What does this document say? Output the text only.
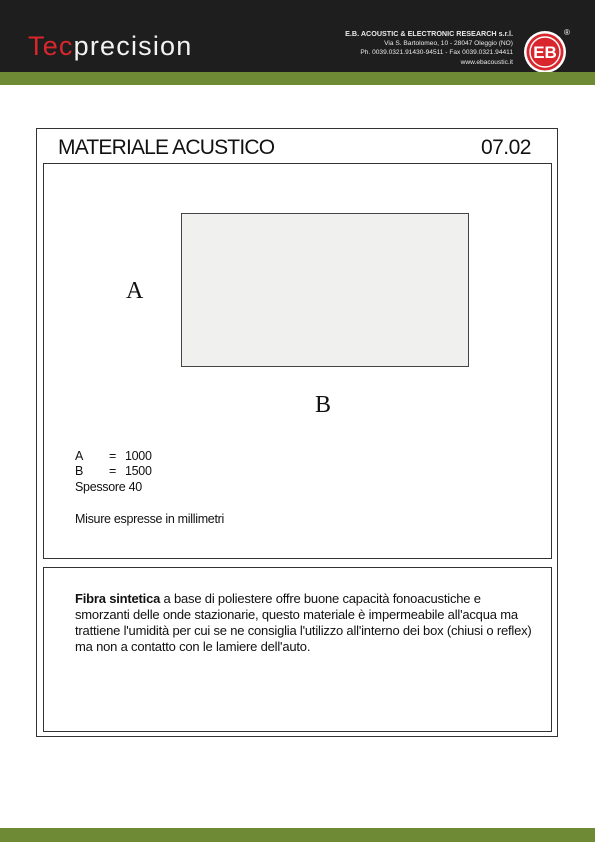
Tecprecision	E.B. ACOUSTIC & ELECTRONIC RESEARCH s.r.l.
Via S. Bartolomeo, 10 - 28047 Oleggio (NO)
Ph. 0039.0321.91430-94511 - Fax 0039.0321.94411
www.ebacoustic.it EB
®
MATERIALE ACUSTICO	07.02
A
B
A = 1000
B = 1500
Spessore 40
Misure espresse in millimetri
Fibra sintetica a base di poliestere offre buone capacità fonoacustiche e smorzanti delle onde stazionarie, questo materiale è impermeabile all'acqua ma trattiene l'umidità per cui se ne consiglia l'utilizzo all'interno dei box (chiusi o reflex) ma non a contatto con le lamiere dell'auto.
